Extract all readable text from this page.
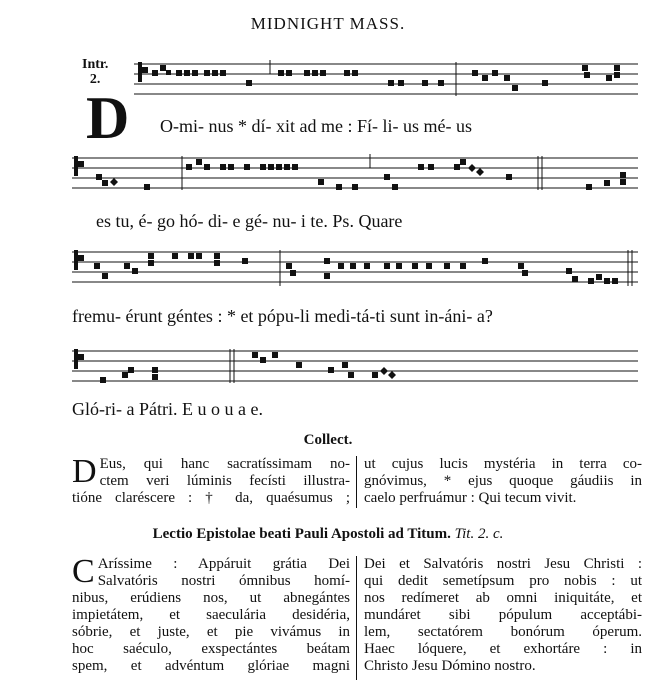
MIDNIGHT MASS.
Intr.
2.
D O-mi- nus * dí- xit ad me : Fí- li- us mé- us
es tu, é- go hó- di- e gé- nu- i te. Ps. Quare
fremu- érunt géntes : * et pópu-li medi-tá-ti sunt in-áni- a?
Gló-ri- a Pátri. E u o u a e.
Collect.
D Eus, qui hanc sacratíssimam no-
ctem veri lúminis fecísti illustra-
tióne claréscere : † da, quaésumus ;
ut cujus lucis mystéria in terra co-
gnóvimus, * ejus quoque gáudiis in
caelo perfruámur : Qui tecum vivit.
Lectio Epistolae beati Pauli Apostoli ad Titum. Tit. 2. c.
C Aríssime : Appáruit grátia Dei
Salvatóris nostri ómnibus homí-
nibus, erúdiens nos, ut abnegántes
impietátem, et saeculária desidéria,
sóbrie, et juste, et pie vivámus in
hoc saéculo, exspectántes beátam
spem, et advéntum glóriae magni
Dei et Salvatóris nostri Jesu Christi :
qui dedit semetípsum pro nobis : ut
nos redímeret ab omni iniquitáte, et
mundáret sibi pópulum acceptábi-
lem, sectatórem bonórum óperum.
Haec lóquere, et exhortáre : in
Christo Jesu Dómino nostro.
